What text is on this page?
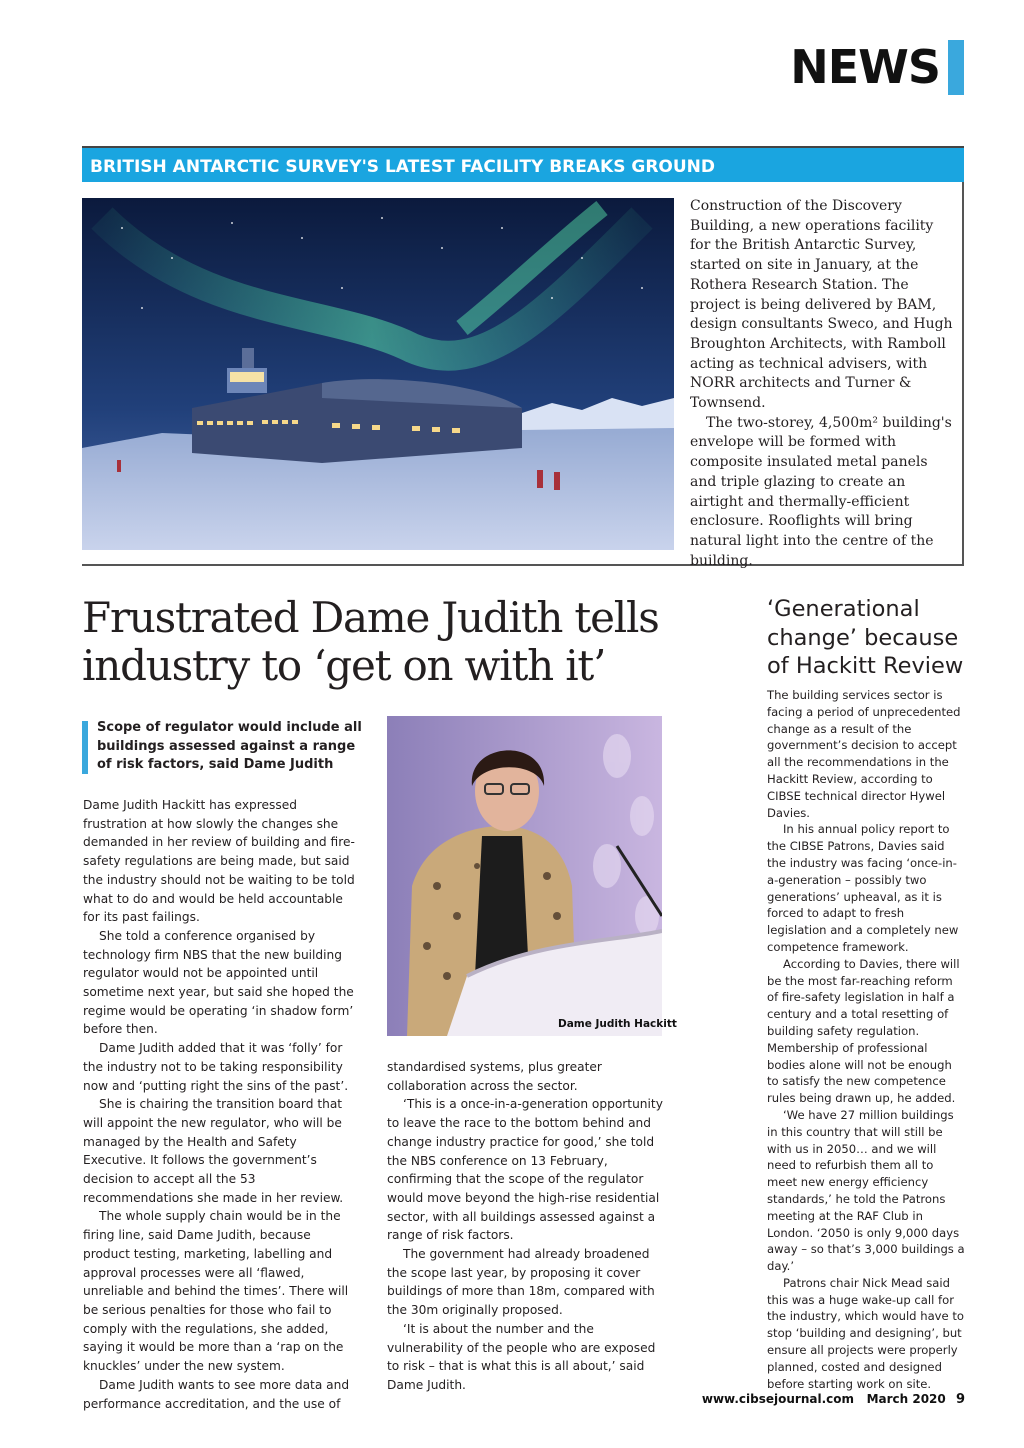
NEWS
BRITISH ANTARCTIC SURVEY'S LATEST FACILITY BREAKS GROUND

Construction of the Discovery Building, a new operations facility for the British Antarctic Survey, started on site in January, at the Rothera Research Station. The project is being delivered by BAM, design consultants Sweco, and Hugh Broughton Architects, with Ramboll acting as technical advisers, with NORR architects and Turner & Townsend.

The two-storey, 4,500m² building's envelope will be formed with composite insulated metal panels and triple glazing to create an airtight and thermally-efficient enclosure. Rooflights will bring natural light into the centre of the building.

Frustrated Dame Judith tells industry to ‘get on with it’
Scope of regulator would include all buildings assessed against a range of risk factors, said Dame Judith

Dame Judith Hackitt has expressed frustration at how slowly the changes she demanded in her review of building and fire-safety regulations are being made, but said the industry should not be waiting to be told what to do and would be held accountable for its past failings.

She told a conference organised by technology firm NBS that the new building regulator would not be appointed until sometime next year, but said she hoped the regime would be operating ‘in shadow form’ before then.

Dame Judith added that it was ‘folly’ for the industry not to be taking responsibility now and ‘putting right the sins of the past’.

She is chairing the transition board that will appoint the new regulator, who will be managed by the Health and Safety Executive. It follows the government’s decision to accept all the 53 recommendations she made in her review.

The whole supply chain would be in the firing line, said Dame Judith, because product testing, marketing, labelling and approval processes were all ‘flawed, unreliable and behind the times’. There will be serious penalties for those who fail to comply with the regulations, she added, saying it would be more than a ‘rap on the knuckles’ under the new system.

Dame Judith wants to see more data and performance accreditation, and the use of

Dame Judith Hackitt

standardised systems, plus greater collaboration across the sector.

‘This is a once-in-a-generation opportunity to leave the race to the bottom behind and change industry practice for good,’ she told the NBS conference on 13 February, confirming that the scope of the regulator would move beyond the high-rise residential sector, with all buildings assessed against a range of risk factors.

The government had already broadened the scope last year, by proposing it cover buildings of more than 18m, compared with the 30m originally proposed.

‘It is about the number and the vulnerability of the people who are exposed to risk – that is what this is all about,’ said Dame Judith.

‘Generational change’ because of Hackitt Review

The building services sector is facing a period of unprecedented change as a result of the government’s decision to accept all the recommendations in the Hackitt Review, according to CIBSE technical director Hywel Davies.

In his annual policy report to the CIBSE Patrons, Davies said the industry was facing ‘once-in-a-generation – possibly two generations’ upheaval, as it is forced to adapt to fresh legislation and a completely new competence framework.

According to Davies, there will be the most far-reaching reform of fire-safety legislation in half a century and a total resetting of building safety regulation. Membership of professional bodies alone will not be enough to satisfy the new competence rules being drawn up, he added.

‘We have 27 million buildings in this country that will still be with us in 2050… and we will need to refurbish them all to meet new energy efficiency standards,’ he told the Patrons meeting at the RAF Club in London. ‘2050 is only 9,000 days away – so that’s 3,000 buildings a day.’

Patrons chair Nick Mead said this was a huge wake-up call for the industry, which would have to stop ‘building and designing’, but ensure all projects were properly planned, costed and designed before starting work on site.

www.cibsejournal.com March 2020 9
